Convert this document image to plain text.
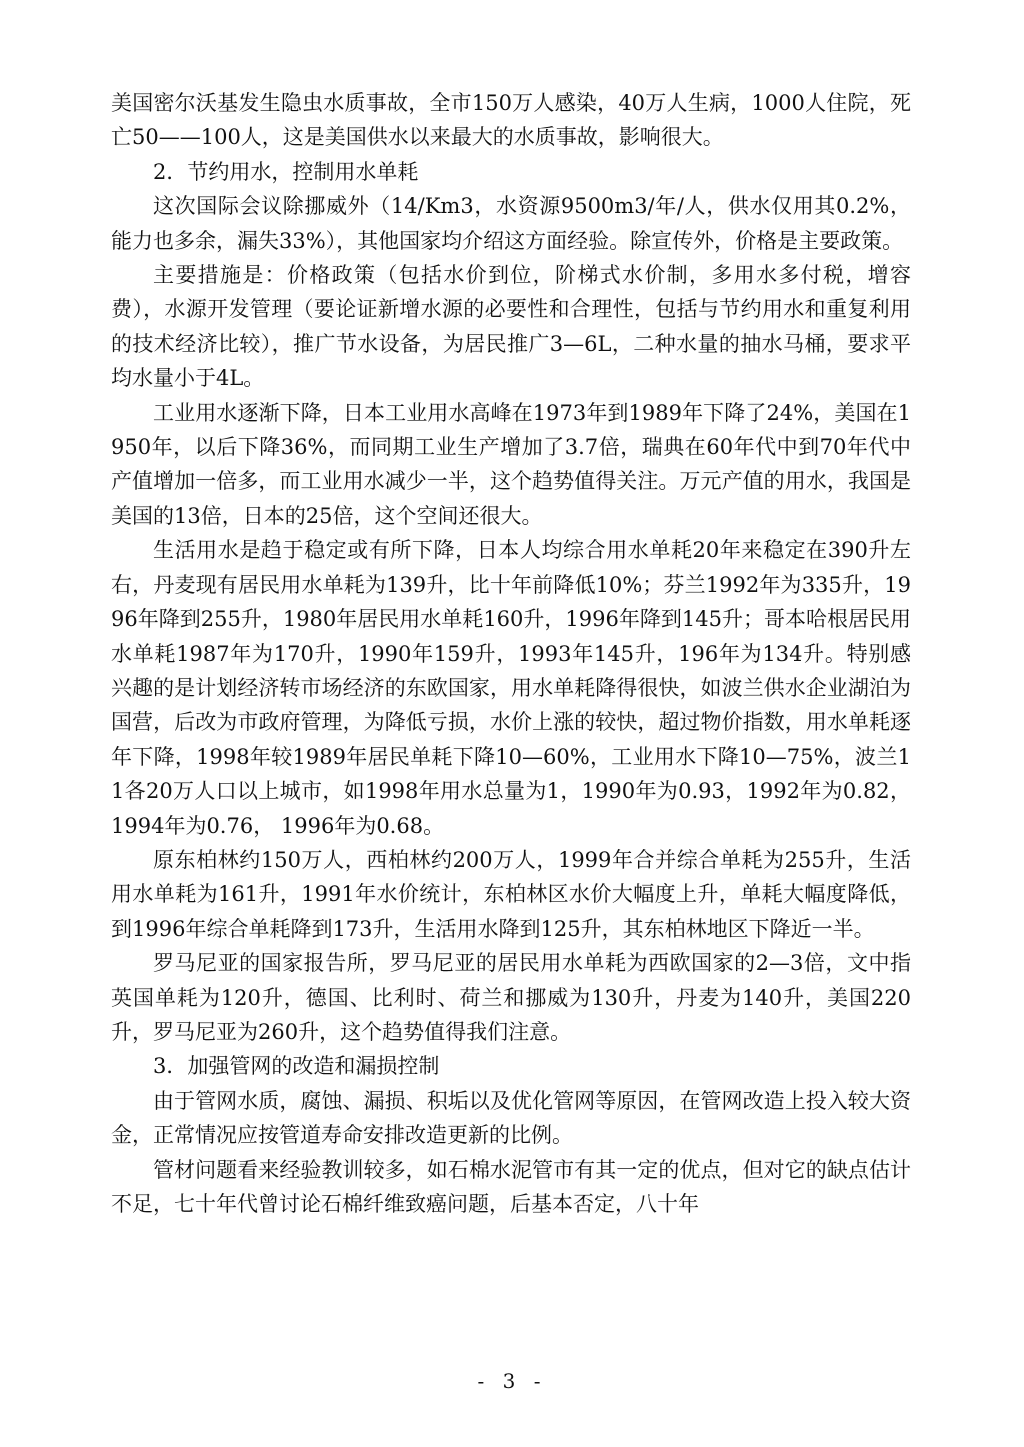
美国密尔沃基发生隐虫水质事故，全市150万人感染，40万人生病，1000人住院，死亡50——100人，这是美国供水以来最大的水质事故，影响很大。

2．节约用水，控制用水单耗

这次国际会议除挪威外（14/Km3，水资源9500m3/年/人，供水仅用其0.2%，能力也多余，漏失33%），其他国家均介绍这方面经验。除宣传外，价格是主要政策。

主要措施是：价格政策（包括水价到位，阶梯式水价制，多用水多付税，增容费），水源开发管理（要论证新增水源的必要性和合理性，包括与节约用水和重复利用的技术经济比较），推广节水设备，为居民推广3—6L，二种水量的抽水马桶，要求平均水量小于4L。

工业用水逐渐下降，日本工业用水高峰在1973年到1989年下降了24%，美国在1950年，以后下降36%，而同期工业生产增加了3.7倍，瑞典在60年代中到70年代中产值增加一倍多，而工业用水减少一半，这个趋势值得关注。万元产值的用水，我国是美国的13倍，日本的25倍，这个空间还很大。

生活用水是趋于稳定或有所下降，日本人均综合用水单耗20年来稳定在390升左右，丹麦现有居民用水单耗为139升，比十年前降低10%；芬兰1992年为335升，1996年降到255升，1980年居民用水单耗160升，1996年降到145升；哥本哈根居民用水单耗1987年为170升，1990年159升，1993年145升，196年为134升。特别感兴趣的是计划经济转市场经济的东欧国家，用水单耗降得很快，如波兰供水企业湖泊为国营，后改为市政府管理，为降低亏损，水价上涨的较快，超过物价指数，用水单耗逐年下降，1998年较1989年居民单耗下降10—60%，工业用水下降10—75%，波兰11各20万人口以上城市，如1998年用水总量为1，1990年为0.93，1992年为0.82，1994年为0.76， 1996年为0.68。

原东柏林约150万人，西柏林约200万人，1999年合并综合单耗为255升，生活用水单耗为161升，1991年水价统计，东柏林区水价大幅度上升，单耗大幅度降低，到1996年综合单耗降到173升，生活用水降到125升，其东柏林地区下降近一半。

罗马尼亚的国家报告所，罗马尼亚的居民用水单耗为西欧国家的2—3倍，文中指英国单耗为120升，德国、比利时、荷兰和挪威为130升，丹麦为140升，美国220升，罗马尼亚为260升，这个趋势值得我们注意。

3．加强管网的改造和漏损控制

由于管网水质，腐蚀、漏损、积垢以及优化管网等原因，在管网改造上投入较大资金，正常情况应按管道寿命安排改造更新的比例。

管材问题看来经验教训较多，如石棉水泥管市有其一定的优点，但对它的缺点估计不足，七十年代曾讨论石棉纤维致癌问题，后基本否定，八十年

- 3 -
